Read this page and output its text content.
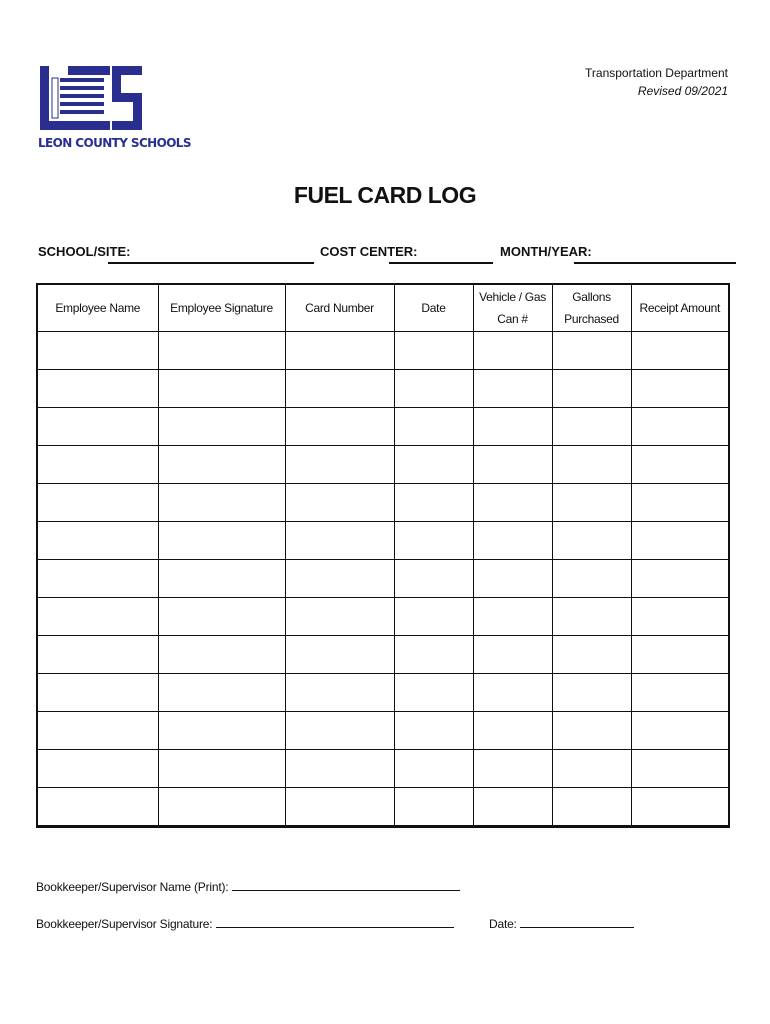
LEON COUNTY SCHOOLS
Transportation Department
Revised 09/2021
FUEL CARD LOG
SCHOOL/SITE:	COST CENTER:	MONTH/YEAR:
Employee Name	Employee Signature	Card Number	Date	Vehicle / Gas Can #	Gallons Purchased	Receipt Amount

Bookkeeper/Supervisor Name (Print):
Bookkeeper/Supervisor Signature:	Date:
